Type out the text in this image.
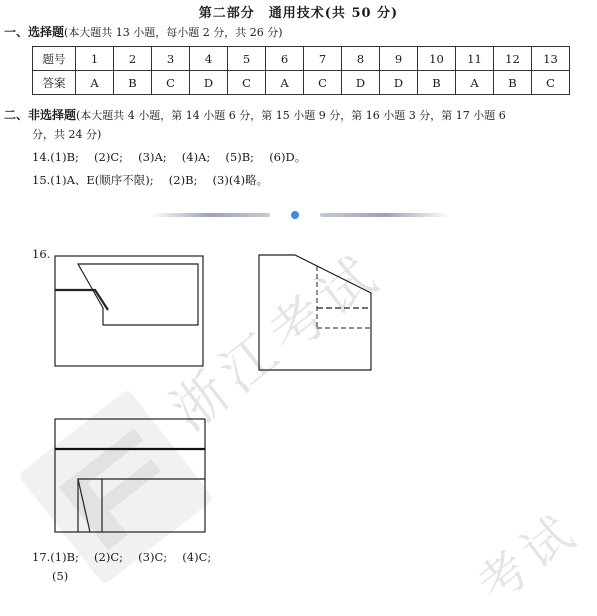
浙江考试
考试
第二部分　通用技术(共 50 分)
一、选择题(本大题共 13 小题，每小题 2 分，共 26 分)
题号	1	2	3	4	5	6	7	8	9	10	11	12	13
答案	A	B	C	D	C	A	C	D	D	B	A	B	C
二、非选择题(本大题共 4 小题，第 14 小题 6 分，第 15 小题 9 分，第 16 小题 3 分，第 17 小题 6
分，共 24 分)
14.(1)B;　 (2)C;　 (3)A;　 (4)A;　 (5)B;　 (6)D。
15.(1)A、E(顺序不限);　 (2)B;　 (3)(4)略。
16.
17.(1)B;　 (2)C;　 (3)C;　 (4)C;
(5)
